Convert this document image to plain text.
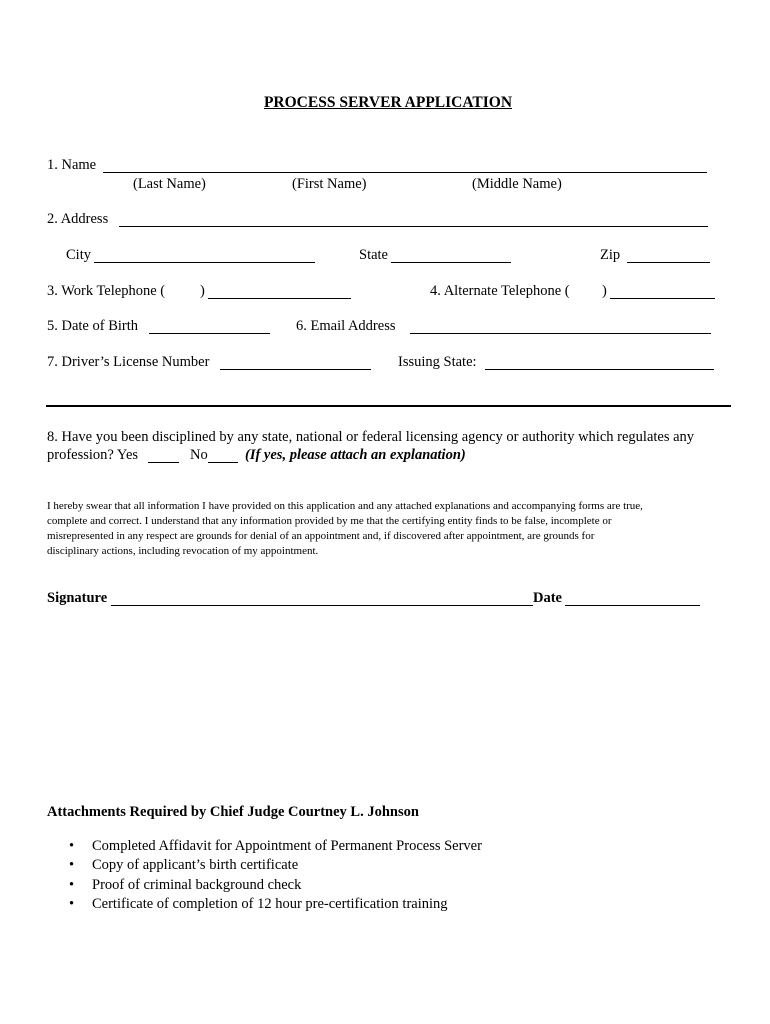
PROCESS SERVER APPLICATION
1. Name
(Last Name)	(First Name)	(Middle Name)
2. Address
City	State	Zip
3. Work Telephone ( )	4. Alternate Telephone ( )
5. Date of Birth	6. Email Address
7. Driver’s License Number	Issuing State:
8. Have you been disciplined by any state, national or federal licensing agency or authority which regulates any
profession? Yes	No	(If yes, please attach an explanation)
I hereby swear that all information I have provided on this application and any attached explanations and accompanying forms are true,
complete and correct. I understand that any information provided by me that the certifying entity finds to be false, incomplete or
misrepresented in any respect are grounds for denial of an appointment and, if discovered after appointment, are grounds for
disciplinary actions, including revocation of my appointment.
Signature	Date
Attachments Required by Chief Judge Courtney L. Johnson
• Completed Affidavit for Appointment of Permanent Process Server
• Copy of applicant’s birth certificate
• Proof of criminal background check
• Certificate of completion of 12 hour pre-certification training
